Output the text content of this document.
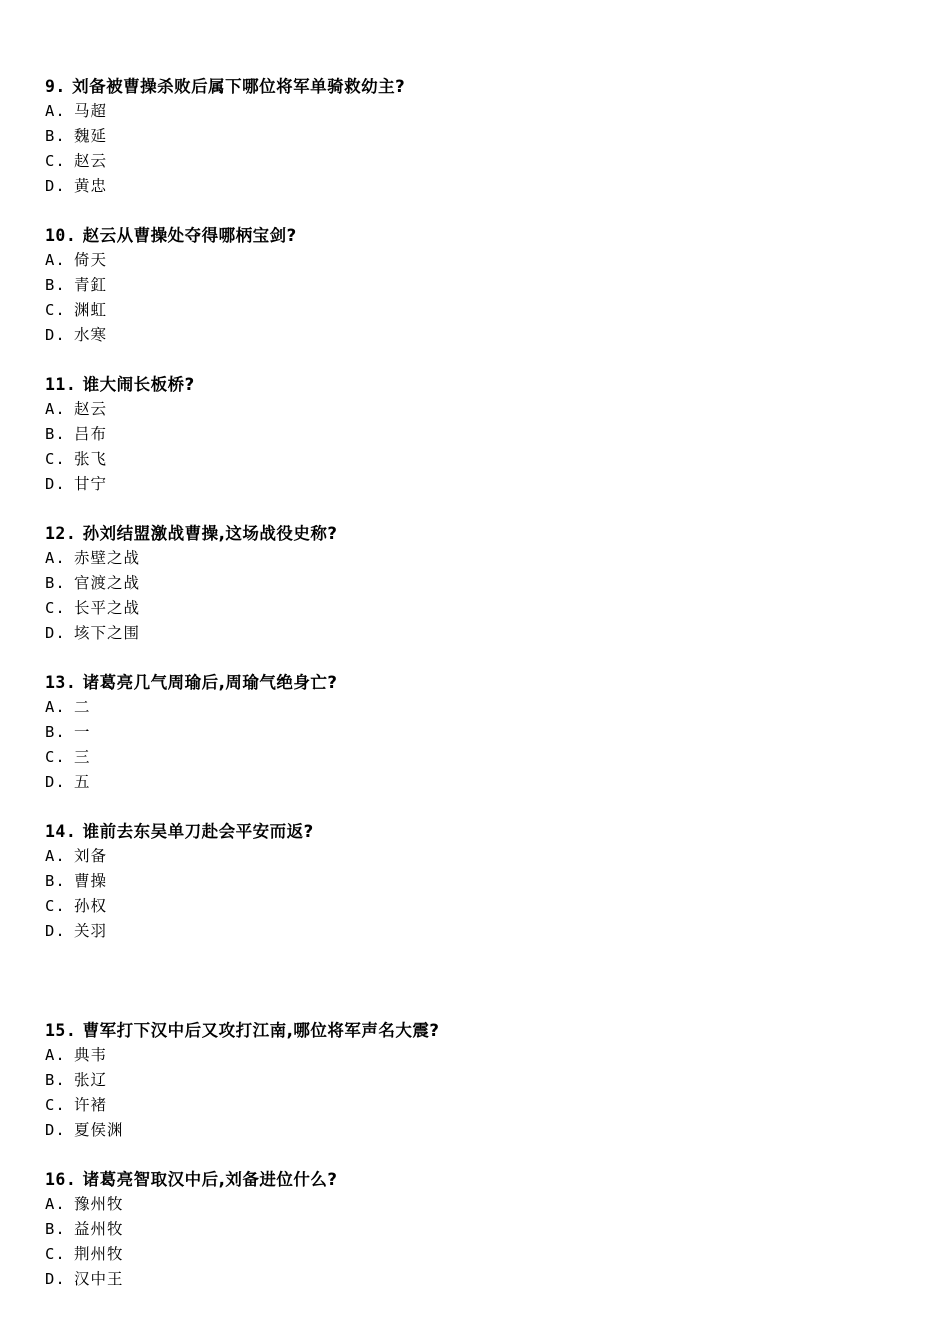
9. 刘备被曹操杀败后属下哪位将军单骑救幼主?
A. 马超
B. 魏延
C. 赵云
D. 黄忠
10. 赵云从曹操处夺得哪柄宝剑?
A. 倚天
B. 青釭
C. 渊虹
D. 水寒
11. 谁大闹长板桥?
A. 赵云
B. 吕布
C. 张飞
D. 甘宁
12. 孙刘结盟激战曹操,这场战役史称?
A. 赤壁之战
B. 官渡之战
C. 长平之战
D. 垓下之围
13. 诸葛亮几气周瑜后,周瑜气绝身亡?
A. 二
B. 一
C. 三
D. 五
14. 谁前去东吴单刀赴会平安而返?
A. 刘备
B. 曹操
C. 孙权
D. 关羽
15. 曹军打下汉中后又攻打江南,哪位将军声名大震?
A. 典韦
B. 张辽
C. 许褚
D. 夏侯渊
16. 诸葛亮智取汉中后,刘备进位什么?
A. 豫州牧
B. 益州牧
C. 荆州牧
D. 汉中王
